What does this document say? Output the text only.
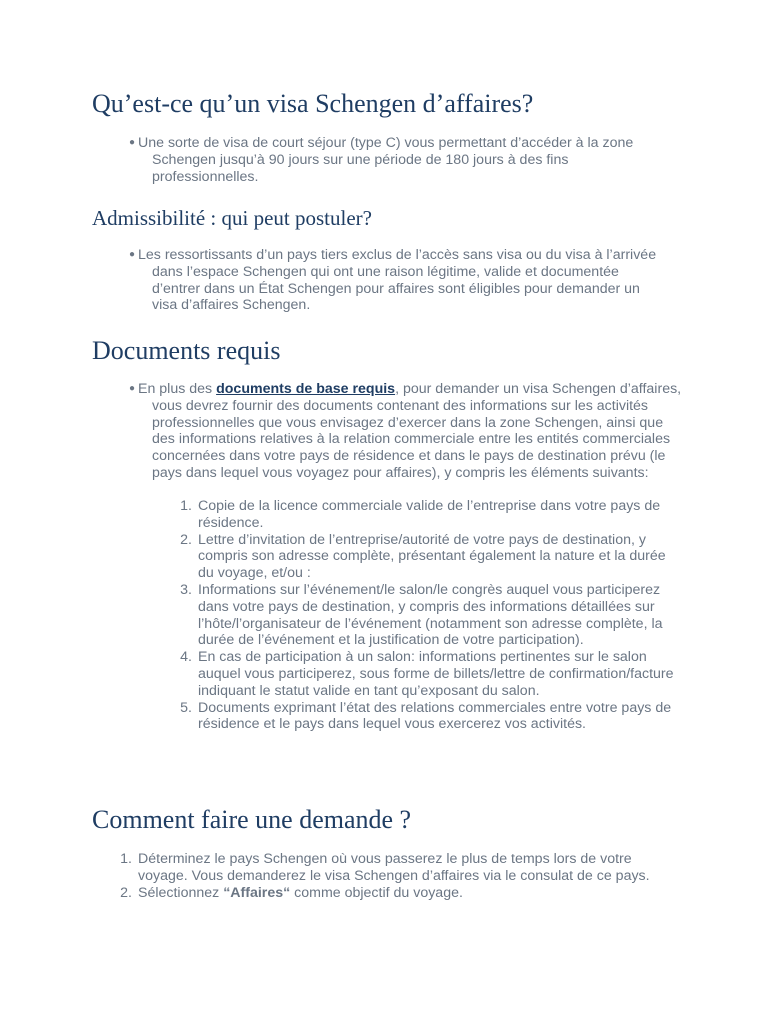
Qu’est-ce qu’un visa Schengen d’affaires?
● Une sorte de visa de court séjour (type C) vous permettant d’accéder à la zone Schengen jusqu’à 90 jours sur une période de 180 jours à des fins professionnelles.
Admissibilité : qui peut postuler?
● Les ressortissants d’un pays tiers exclus de l’accès sans visa ou du visa à l’arrivée dans l’espace Schengen qui ont une raison légitime, valide et documentée d’entrer dans un État Schengen pour affaires sont éligibles pour demander un visa d’affaires Schengen.
Documents requis
● En plus des documents de base requis, pour demander un visa Schengen d’affaires, vous devrez fournir des documents contenant des informations sur les activités professionnelles que vous envisagez d’exercer dans la zone Schengen, ainsi que des informations relatives à la relation commerciale entre les entités commerciales concernées dans votre pays de résidence et dans le pays de destination prévu (le pays dans lequel vous voyagez pour affaires), y compris les éléments suivants:
1. Copie de la licence commerciale valide de l’entreprise dans votre pays de résidence.
2. Lettre d’invitation de l’entreprise/autorité de votre pays de destination, y compris son adresse complète, présentant également la nature et la durée du voyage, et/ou :
3. Informations sur l’événement/le salon/le congrès auquel vous participerez dans votre pays de destination, y compris des informations détaillées sur l’hôte/l’organisateur de l’événement (notamment son adresse complète, la durée de l’événement et la justification de votre participation).
4. En cas de participation à un salon: informations pertinentes sur le salon auquel vous participerez, sous forme de billets/lettre de confirmation/facture indiquant le statut valide en tant qu’exposant du salon.
5. Documents exprimant l’état des relations commerciales entre votre pays de résidence et le pays dans lequel vous exercerez vos activités.
Comment faire une demande ?
1. Déterminez le pays Schengen où vous passerez le plus de temps lors de votre voyage. Vous demanderez le visa Schengen d’affaires via le consulat de ce pays.
2. Sélectionnez “Affaires“ comme objectif du voyage.
